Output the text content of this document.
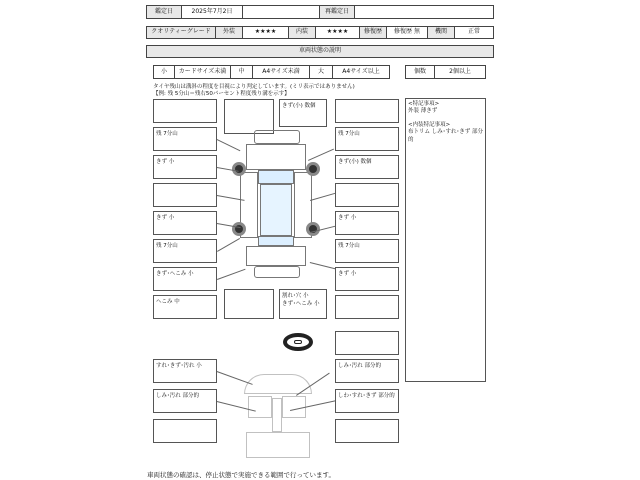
鑑定日	2025年7月2日	再鑑定日
クオリティーグレード	外装	★★★★	内装	★★★★	修復歴	修復歴 無	機関	正常
車両状態の説明
小	カードサイズ未満	中	A4サイズ未満	大	A4サイズ以上	個数	2個以上
タイヤ残山は溝斜の程度を目視により判定しています。(ミリ表示ではありません)
【例: 残 5分山＝残右50パーセント程度残り溝を示す】
<特記事項>
外装 薄きず
<内装特記事項>
布トリム しみ･すれ･きず 部分的
残 7分山
きず 小
きず 小
残 7分山
きず･へこみ 小
へこみ 中
残 7分山
きず(小) 数個
きず 小
残 7分山
きず 小
きず(小) 数個
割れ･穴 小
きず･へこみ 小
すれ･きず･汚れ 小
しみ･汚れ 部分的
しみ･汚れ 部分的
しわ･すれ･きず 部分的
車両状態の確認は、停止状態で実施できる範囲で行っています。
